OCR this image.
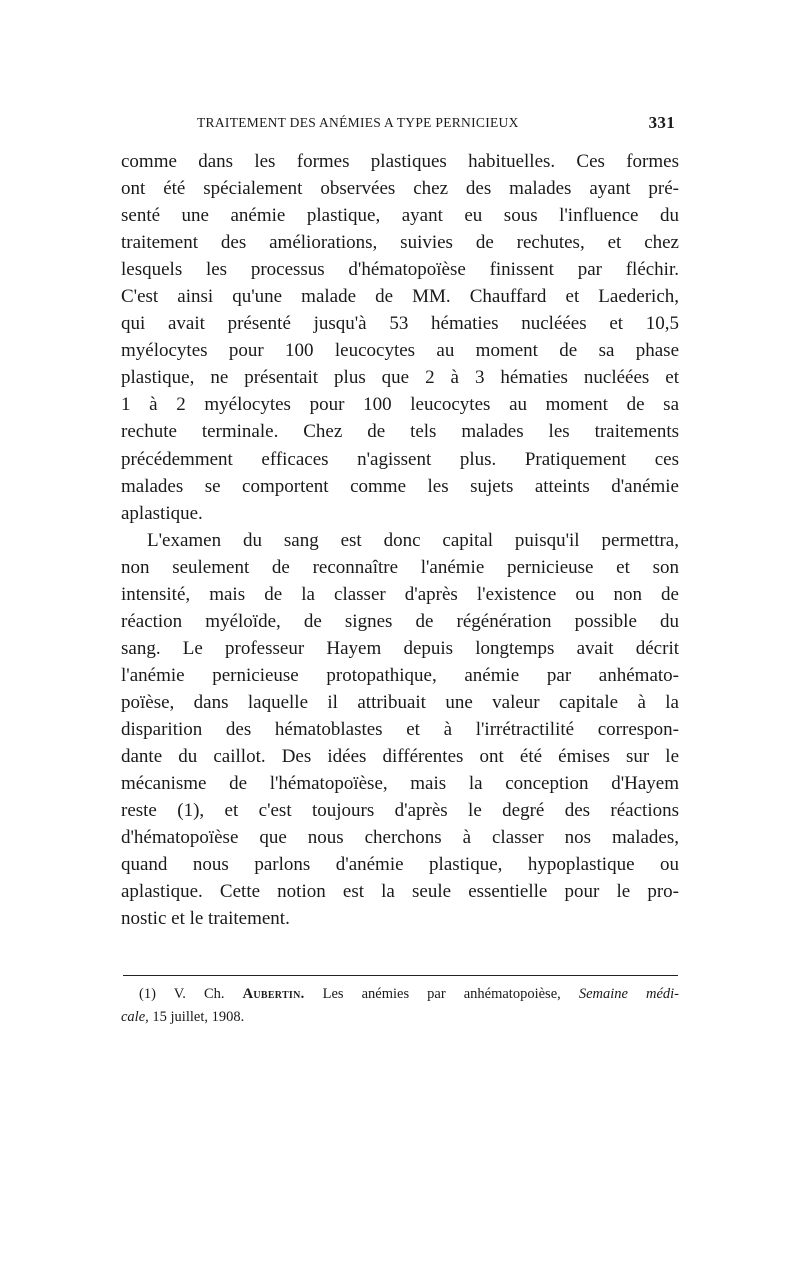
TRAITEMENT DES ANÉMIES A TYPE PERNICIEUX	331
comme dans les formes plastiques habituelles. Ces formes
ont été spécialement observées chez des malades ayant pré-
senté une anémie plastique, ayant eu sous l'influence du
traitement des améliorations, suivies de rechutes, et chez
lesquels les processus d'hématopoïèse finissent par fléchir.
C'est ainsi qu'une malade de MM. Chauffard et Laederich,
qui avait présenté jusqu'à 53 hématies nucléées et 10,5
myélocytes pour 100 leucocytes au moment de sa phase
plastique, ne présentait plus que 2 à 3 hématies nucléées et
1 à 2 myélocytes pour 100 leucocytes au moment de sa
rechute terminale. Chez de tels malades les traitements
précédemment efficaces n'agissent plus. Pratiquement ces
malades se comportent comme les sujets atteints d'anémie
aplastique.
L'examen du sang est donc capital puisqu'il permettra,
non seulement de reconnaître l'anémie pernicieuse et son
intensité, mais de la classer d'après l'existence ou non de
réaction myéloïde, de signes de régénération possible du
sang. Le professeur Hayem depuis longtemps avait décrit
l'anémie pernicieuse protopathique, anémie par anhémato-
poïèse, dans laquelle il attribuait une valeur capitale à la
disparition des hématoblastes et à l'irrétractilité correspon-
dante du caillot. Des idées différentes ont été émises sur le
mécanisme de l'hématopoïèse, mais la conception d'Hayem
reste (1), et c'est toujours d'après le degré des réactions
d'hématopoïèse que nous cherchons à classer nos malades,
quand nous parlons d'anémie plastique, hypoplastique ou
aplastique. Cette notion est la seule essentielle pour le pro-
nostic et le traitement.
(1) V. Ch. Aubertin. Les anémies par anhématopoièse, Semaine médi-
cale, 15 juillet, 1908.
